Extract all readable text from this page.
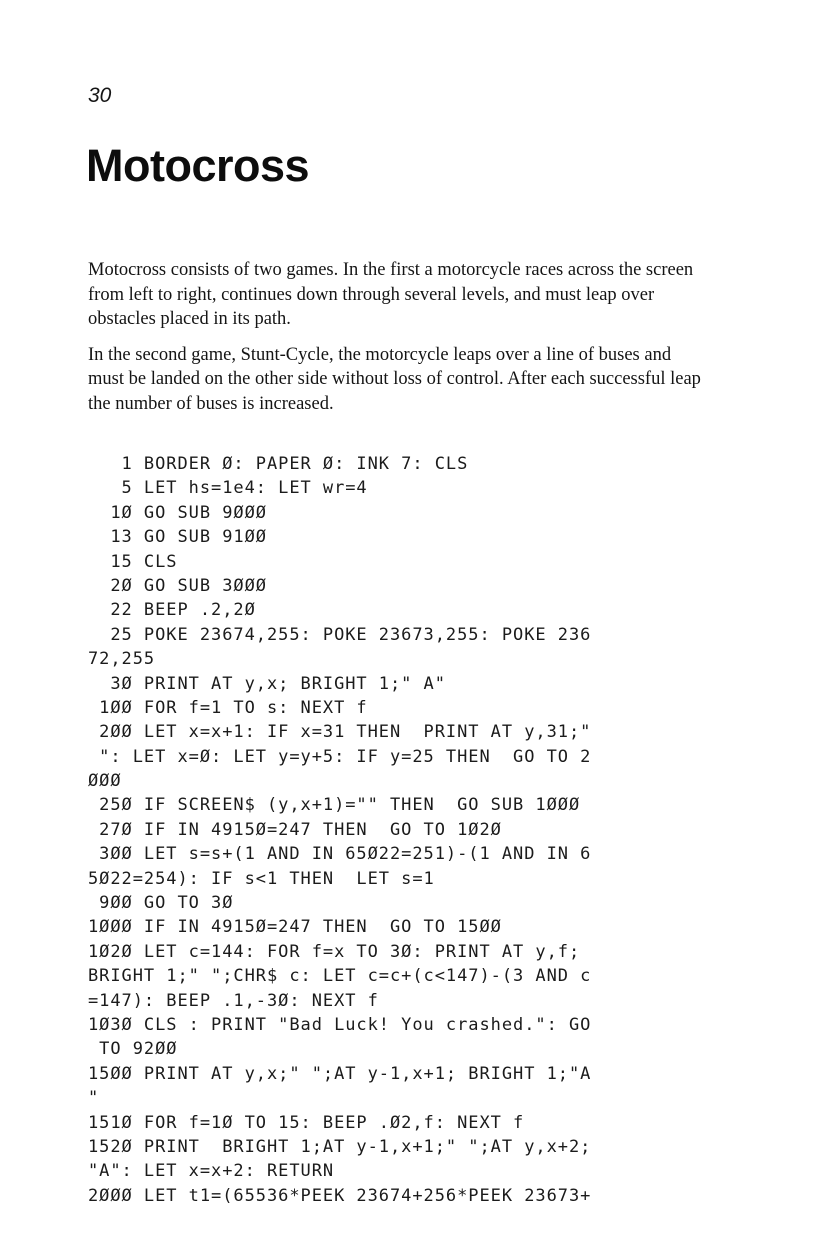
30
Motocross

Motocross consists of two games. In the first a motorcycle races across the screen from left to right, continues down through several levels, and must leap over obstacles placed in its path.

In the second game, Stunt-Cycle, the motorcycle leaps over a line of buses and must be landed on the other side without loss of control. After each successful leap the number of buses is increased.

1 BORDER Ø: PAPER Ø: INK 7: CLS
5 LET hs=1e4: LET wr=4
1Ø GO SUB 9ØØØ
13 GO SUB 91ØØ
15 CLS
2Ø GO SUB 3ØØØ
22 BEEP .2,2Ø
25 POKE 23674,255: POKE 23673,255: POKE 236
72,255
3Ø PRINT AT y,x; BRIGHT 1;" A"
1ØØ FOR f=1 TO s: NEXT f
2ØØ LET x=x+1: IF x=31 THEN  PRINT AT y,31;"
": LET x=Ø: LET y=y+5: IF y=25 THEN  GO TO 2
ØØØ
25Ø IF SCREEN$ (y,x+1)="" THEN  GO SUB 1ØØØ
27Ø IF IN 4915Ø=247 THEN  GO TO 1Ø2Ø
3ØØ LET s=s+(1 AND IN 65Ø22=251)-(1 AND IN 6
5Ø22=254): IF s<1 THEN  LET s=1
9ØØ GO TO 3Ø
1ØØØ IF IN 4915Ø=247 THEN  GO TO 15ØØ
1Ø2Ø LET c=144: FOR f=x TO 3Ø: PRINT AT y,f;
BRIGHT 1;" ";CHR$ c: LET c=c+(c<147)-(3 AND c
=147): BEEP .1,-3Ø: NEXT f
1Ø3Ø CLS : PRINT "Bad Luck! You crashed.": GO
TO 92ØØ
15ØØ PRINT AT y,x;" ";AT y-1,x+1; BRIGHT 1;"A
"
151Ø FOR f=1Ø TO 15: BEEP .Ø2,f: NEXT f
152Ø PRINT  BRIGHT 1;AT y-1,x+1;" ";AT y,x+2;
"A": LET x=x+2: RETURN
2ØØØ LET t1=(65536*PEEK 23674+256*PEEK 23673+
